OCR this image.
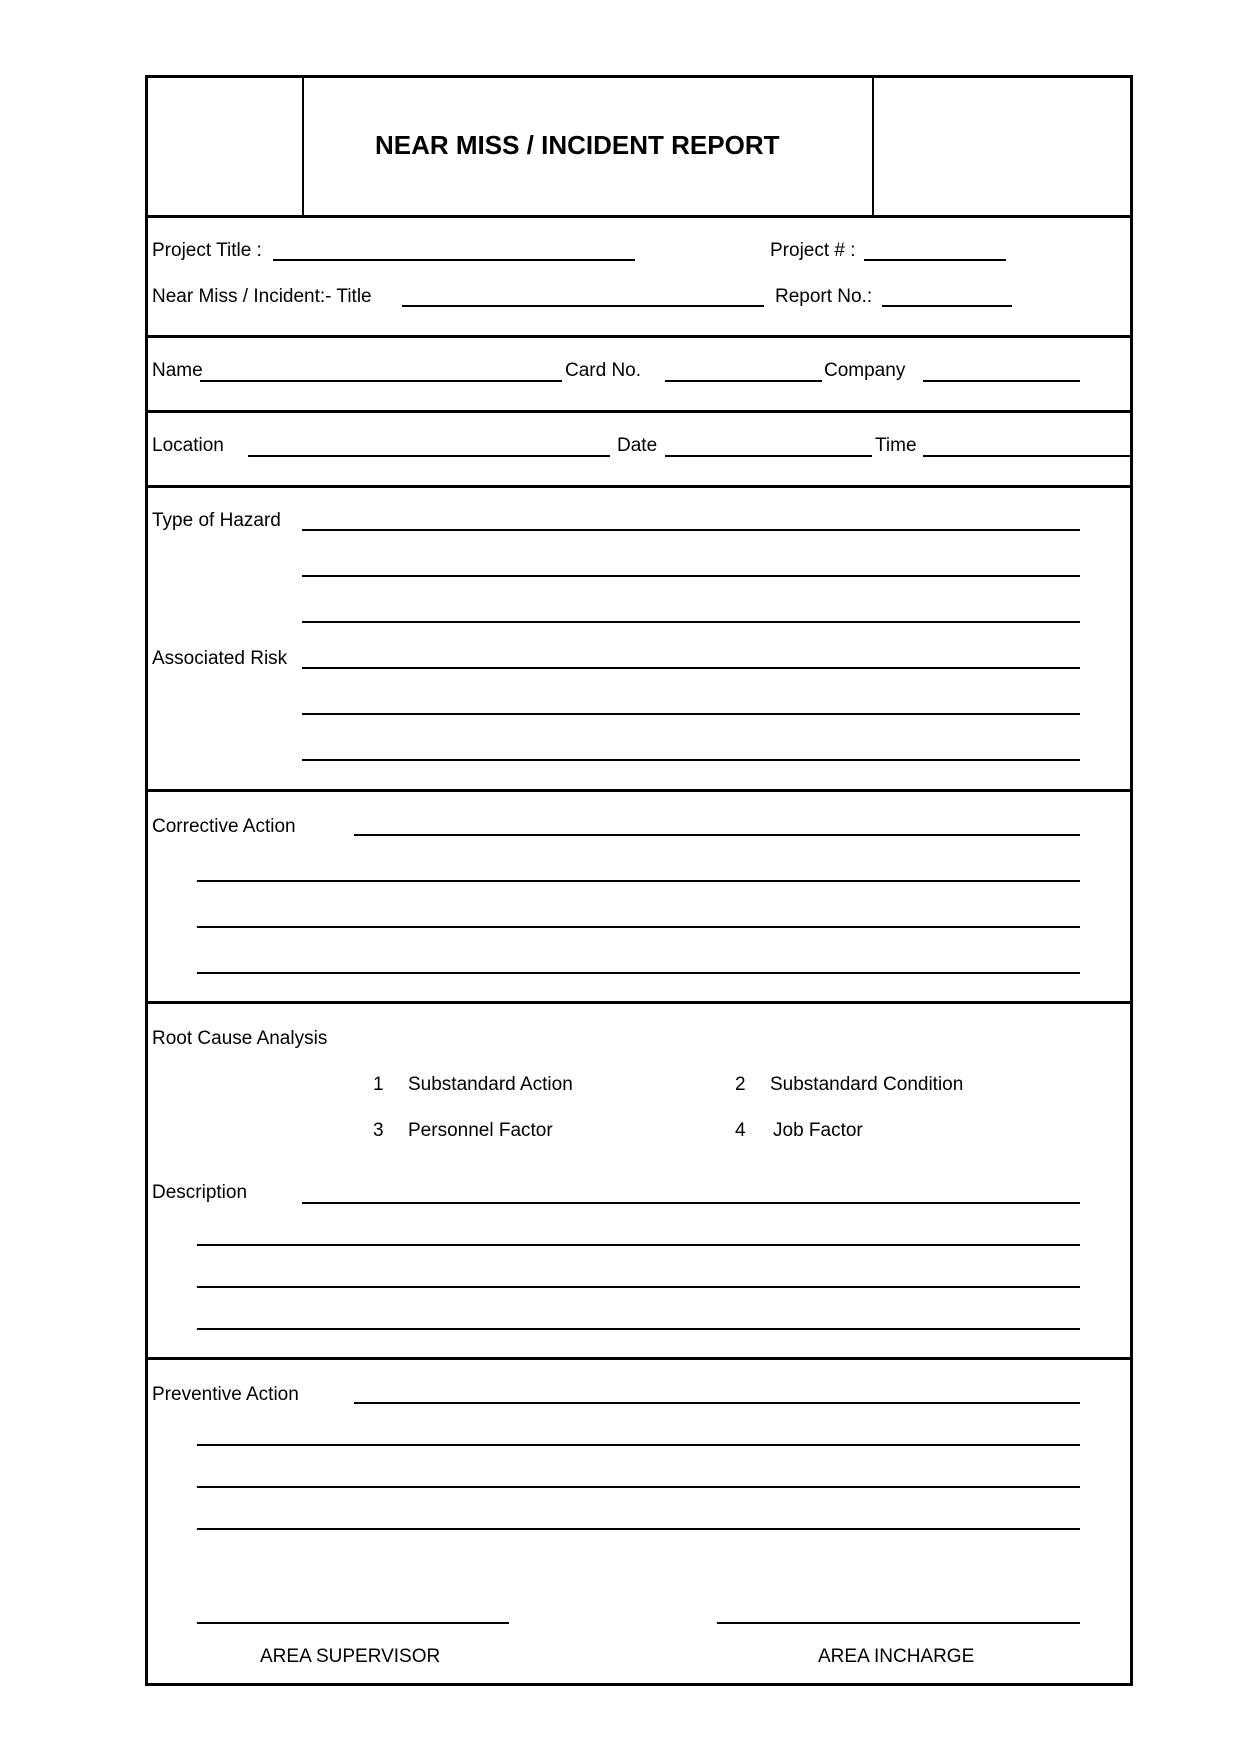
NEAR MISS / INCIDENT REPORT
Project Title :	Project # :
Near Miss / Incident:- Title	Report No.:
Name	Card No.	Company
Location	Date	Time
Type of Hazard
Associated Risk
Corrective Action
Root Cause Analysis
1 Substandard Action	2 Substandard Condition
3 Personnel Factor	4 Job Factor
Description
Preventive Action
AREA SUPERVISOR	AREA INCHARGE
